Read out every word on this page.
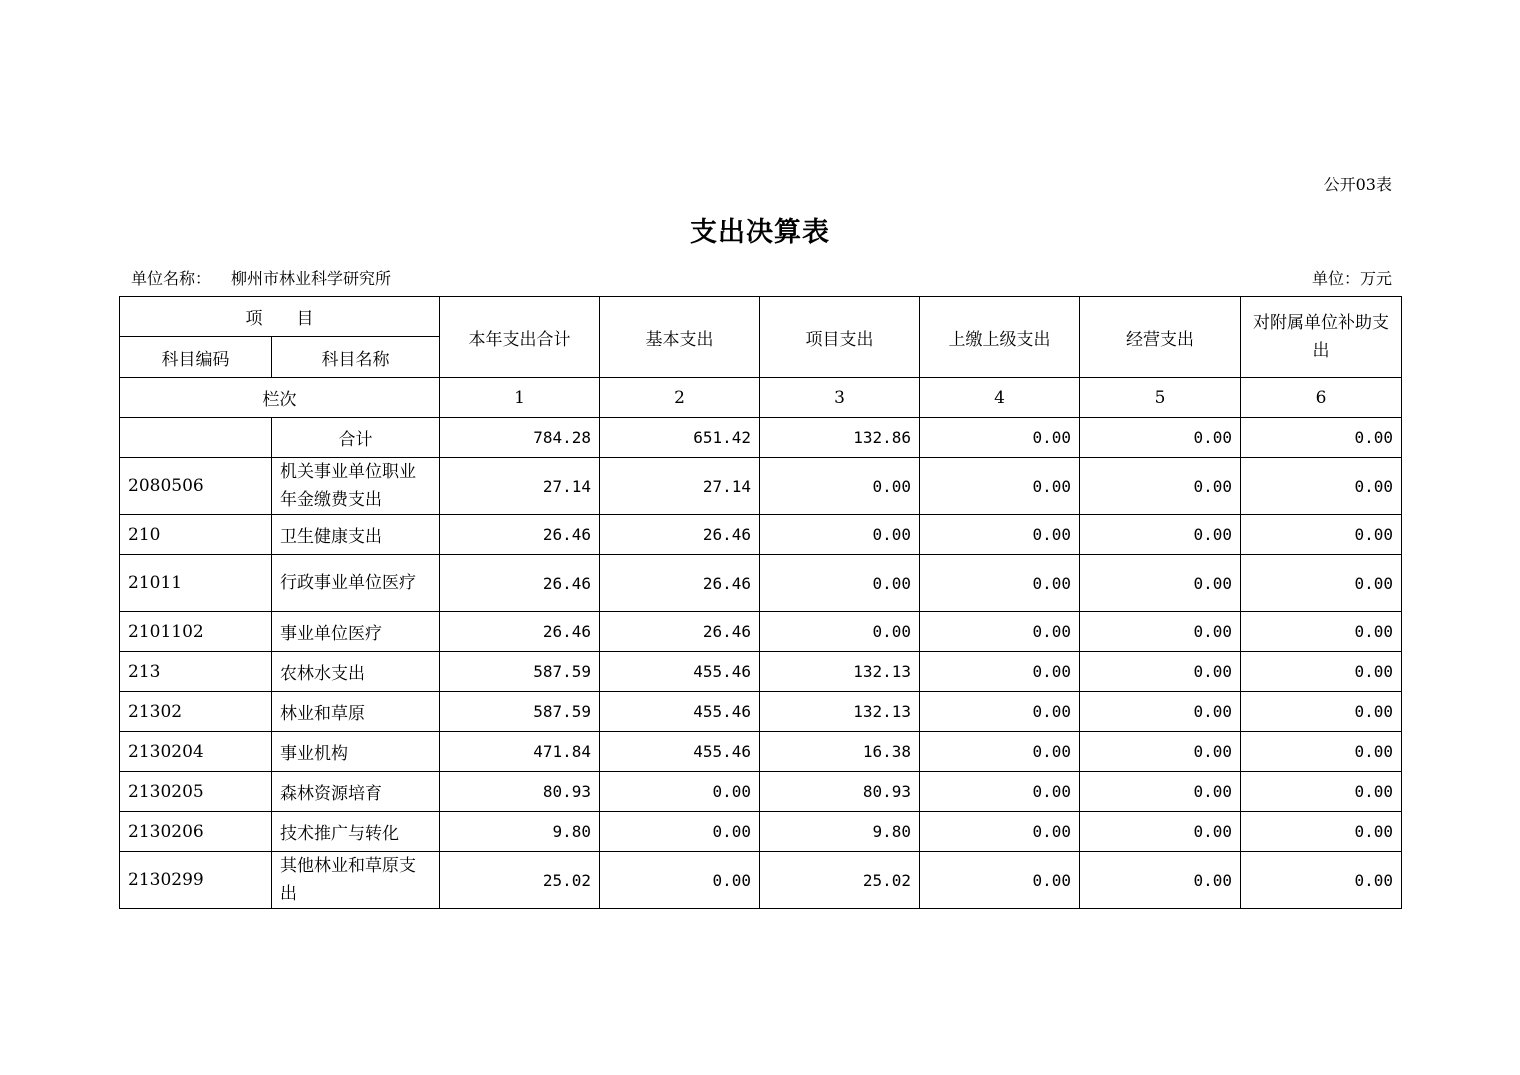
公开03表
支出决算表
单位名称： 柳州市林业科学研究所	单位：万元
项　　目		本年支出合计	基本支出	项目支出	上缴上级支出	经营支出	对附属单位补助支出
科目编码	科目名称						
栏次		1	2	3	4	5	6
	合计	784.28	651.42	132.86	0.00	0.00	0.00
2080506	机关事业单位职业年金缴费支出	27.14	27.14	0.00	0.00	0.00	0.00
210	卫生健康支出	26.46	26.46	0.00	0.00	0.00	0.00
21011	行政事业单位医疗	26.46	26.46	0.00	0.00	0.00	0.00
2101102	事业单位医疗	26.46	26.46	0.00	0.00	0.00	0.00
213	农林水支出	587.59	455.46	132.13	0.00	0.00	0.00
21302	林业和草原	587.59	455.46	132.13	0.00	0.00	0.00
2130204	事业机构	471.84	455.46	16.38	0.00	0.00	0.00
2130205	森林资源培育	80.93	0.00	80.93	0.00	0.00	0.00
2130206	技术推广与转化	9.80	0.00	9.80	0.00	0.00	0.00
2130299	其他林业和草原支出	25.02	0.00	25.02	0.00	0.00	0.00
